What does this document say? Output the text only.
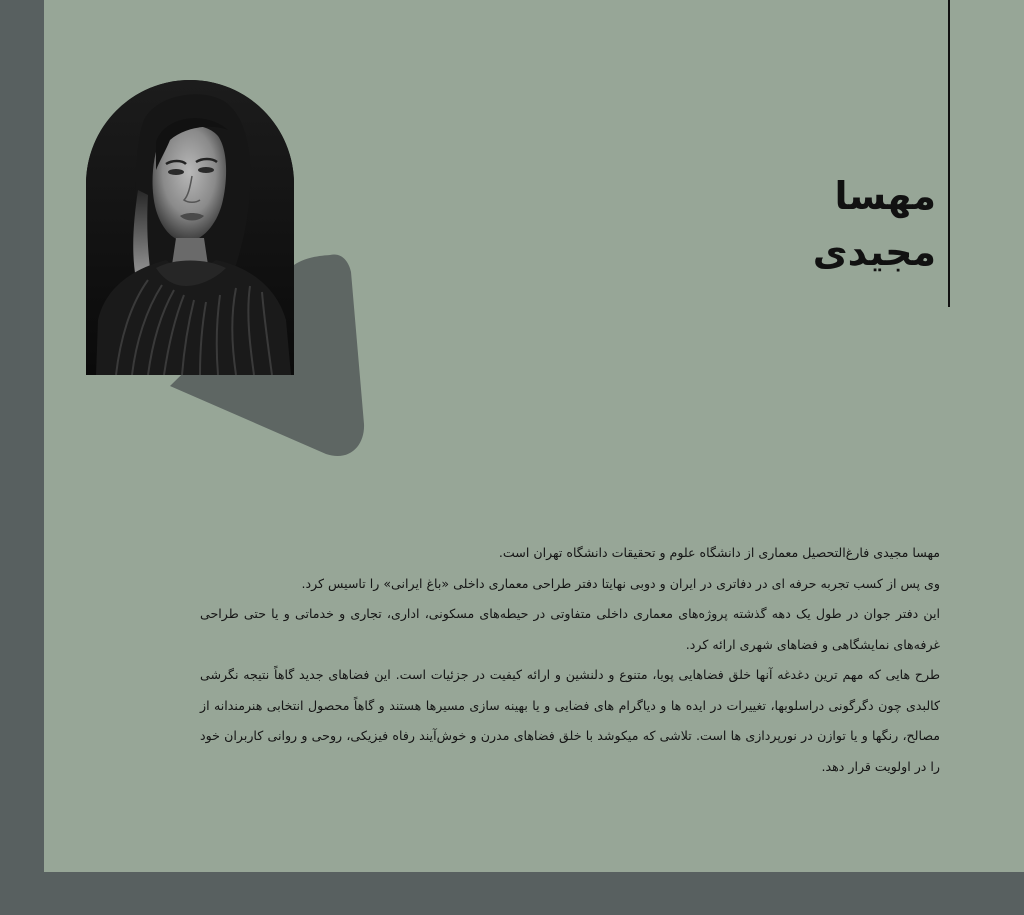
مهسا
مجیدی

مهسا مجیدی فارغ‌التحصیل معماری از دانشگاه علوم و تحقیقات دانشگاه تهران است.

وی پس از کسب تجربه حرفه ای در دفاتری در ایران و دوبی نهایتا دفتر طراحی معماری داخلی «باغ ایرانی» را تاسیس کرد.

این دفتر جوان در طول یک دهه گذشته پروژه‌های معماری داخلی متفاوتی در حیطه‌های مسکونی، اداری، تجاری و خدماتی و یا حتی طراحی غرفه‌های نمایشگاهی و فضاهای شهری ارائه کرد.

طرح هایی که مهم ترین دغدغه آنها خلق فضاهایی پویا، متنوع و دلنشین و ارائه کیفیت در جزئیات است. این فضاهای جدید گاهاً نتیجه نگرشی کالبدی چون دگرگونی دراسلوبها، تغییرات در ایده ها و دیاگرام های فضایی و یا بهینه سازی مسیرها هستند و گاهاً محصول انتخابی هنرمندانه از مصالح، رنگها و یا توازن در نورپردازی ها است. تلاشی که میکوشد با خلق فضاهای مدرن و خوش‌آیند رفاه فیزیکی، روحی و روانی کاربران خود را در اولویت قرار دهد.
